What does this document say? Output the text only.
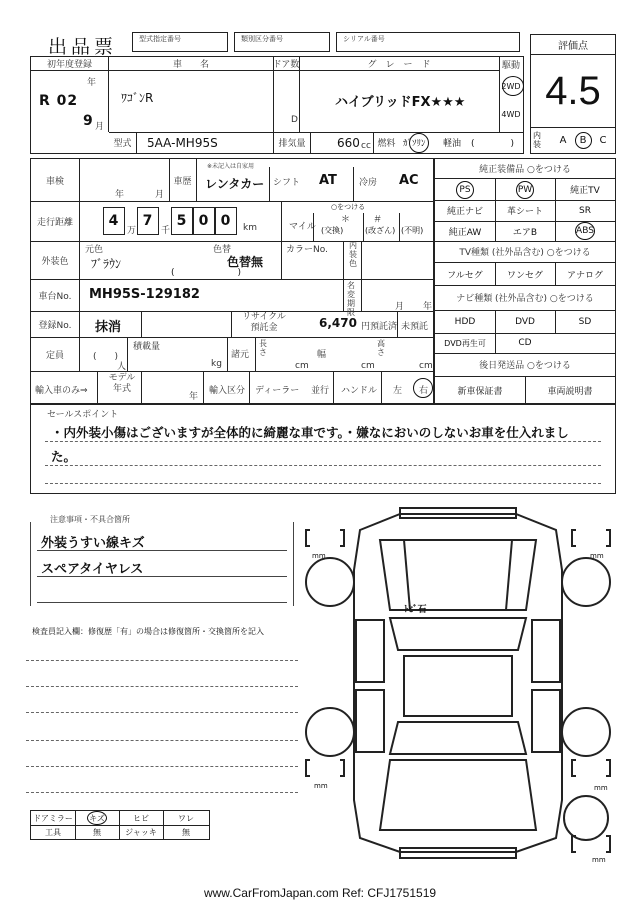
出品票	型式指定番号	類別区分番号	シリアル番号
評価点
4.5
内装	A	B	C
初年度登録
年
R 02
9 月
車　　名
ﾜｺﾞﾝR
ドア数
D
グ　レ　ー　ド
ハイブリッドFX★★★
駆動
2WD
4WD
型式	5AA-MH95S	排気量	660 cc 燃料 ｶﾞｿﾘﾝ 軽油 (　　　　)
車検
年	月
車歴
※未記入は自家用
レンタカー シフト AT 冷房 AC
走行距離	4
万
7
千
5 0 0	km
○をつける
マイル
＊
(交換)
＃
(改ざん) (不明)
外装色
元色
ﾌﾞﾗｳﾝ
色替
色替無
(　　　　　　　)
カラーNo.	内装色
車台No.	MH95S-129182
名変期限
月 年
登録No.	抹消
リサイクル預託金	6,470 円預託済 未預託
定員	(　　)
人
積載量
kg
諸元
長さ
cm
幅
cm
高さ
cm
輸入車のみ⇒
モデル年式
年
輸入区分 ディーラー 並行 ハンドル 左 右
純正装備品 ○をつける
PS	PW	純正TV
純正ナビ	革シート	SR
純正AW	エアB	ABS
TV種類 (社外品含む) ○をつける
フルセグ	ワンセグ	アナログ
ナビ種類 (社外品含む) ○をつける
HDD	DVD	SD
DVD再生可	CD
後日発送品 ○をつける
新車保証書	車両説明書
セールスポイント
・内外装小傷はございますが全体的に綺麗な車です。・嫌なにおいのしないお車を仕入れまし
た。
注意事項・不具合箇所
外装うすい線キズ
スペアタイヤレス
検査員記入欄：修復歴「有」の場合は修復箇所・交換箇所を記入
ドアミラー	キズ	ヒビ	ワレ
工具	無	ジャッキ	無
ﾄﾋﾞ石
mm	mm
mm	mm
mm
www.CarFromJapan.com Ref: CFJ1751519
